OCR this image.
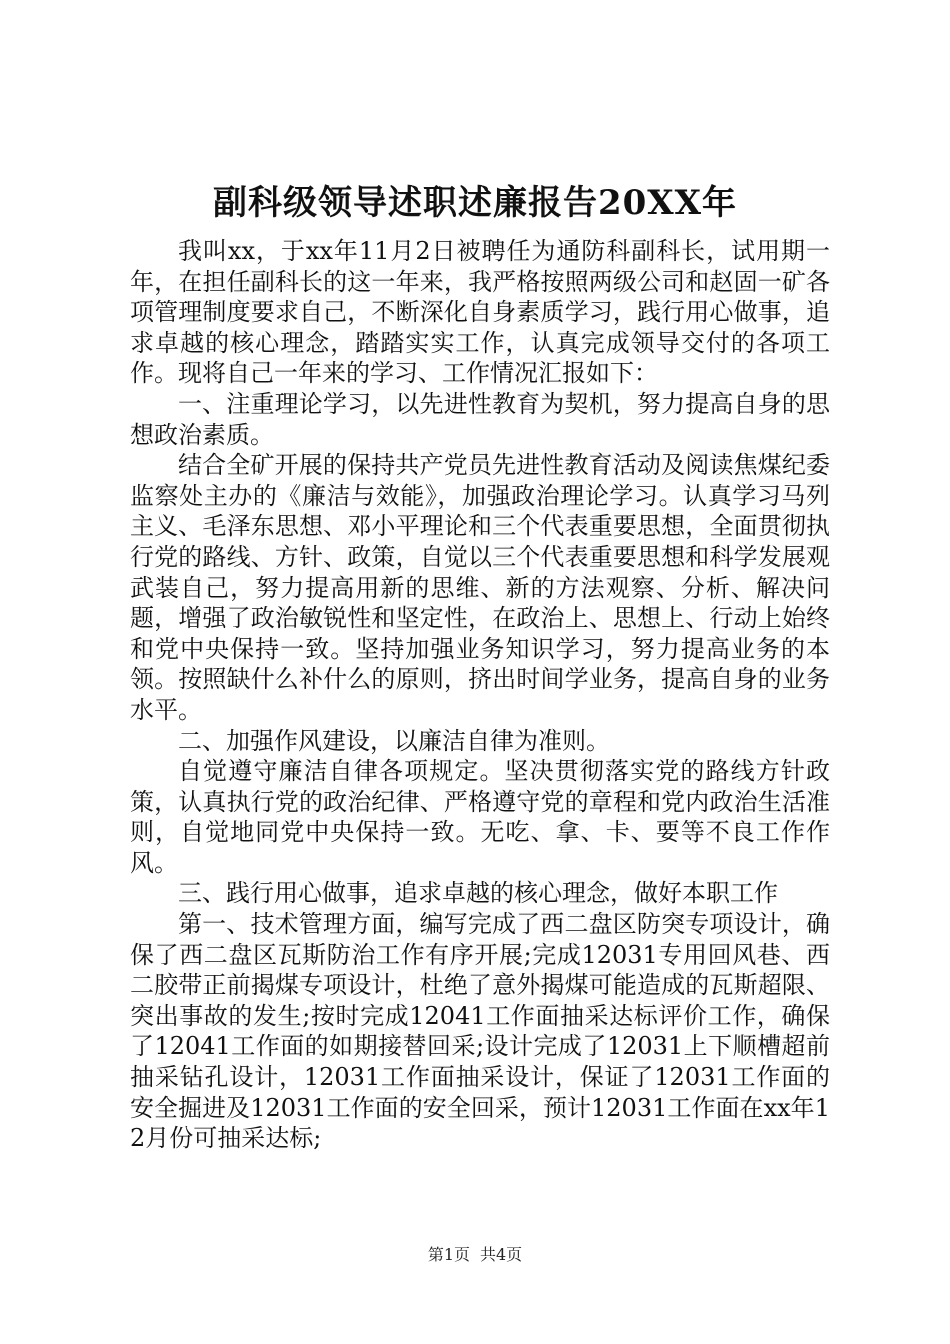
副科级领导述职述廉报告20XX年

我叫xx，于xx年11月2日被聘任为通防科副科长，试用期一年，在担任副科长的这一年来，我严格按照两级公司和赵固一矿各项管理制度要求自己，不断深化自身素质学习，践行用心做事，追求卓越的核心理念，踏踏实实工作，认真完成领导交付的各项工作。现将自己一年来的学习、工作情况汇报如下：

一、注重理论学习，以先进性教育为契机，努力提高自身的思想政治素质。

结合全矿开展的保持共产党员先进性教育活动及阅读焦煤纪委监察处主办的《廉洁与效能》，加强政治理论学习。认真学习马列主义、毛泽东思想、邓小平理论和三个代表重要思想，全面贯彻执行党的路线、方针、政策，自觉以三个代表重要思想和科学发展观武装自己，努力提高用新的思维、新的方法观察、分析、解决问题，增强了政治敏锐性和坚定性，在政治上、思想上、行动上始终和党中央保持一致。坚持加强业务知识学习，努力提高业务的本领。按照缺什么补什么的原则，挤出时间学业务，提高自身的业务水平。

二、加强作风建设，以廉洁自律为准则。

自觉遵守廉洁自律各项规定。坚决贯彻落实党的路线方针政策，认真执行党的政治纪律、严格遵守党的章程和党内政治生活准则，自觉地同党中央保持一致。无吃、拿、卡、要等不良工作作风。

三、践行用心做事，追求卓越的核心理念，做好本职工作

第一、技术管理方面，编写完成了西二盘区防突专项设计，确保了西二盘区瓦斯防治工作有序开展;完成12031专用回风巷、西二胶带正前揭煤专项设计，杜绝了意外揭煤可能造成的瓦斯超限、突出事故的发生;按时完成12041工作面抽采达标评价工作，确保了12041工作面的如期接替回采;设计完成了12031上下顺槽超前抽采钻孔设计，12031工作面抽采设计，保证了12031工作面的安全掘进及12031工作面的安全回采，预计12031工作面在xx年12月份可抽采达标;

第1页 共4页
